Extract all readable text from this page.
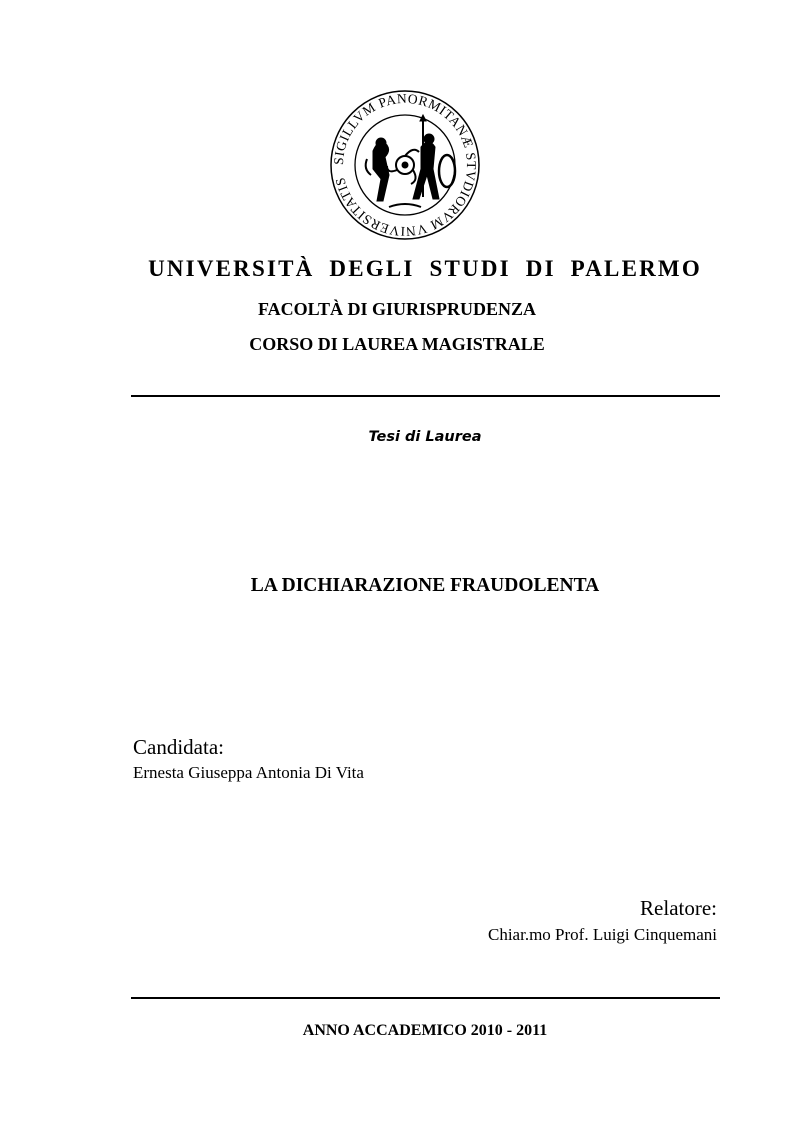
SIGILLVM PANORMITANÆ STVDIORVM VNIVERSITATIS
UNIVERSITÀ DEGLI STUDI DI PALERMO
FACOLTÀ DI GIURISPRUDENZA
CORSO DI LAUREA MAGISTRALE
Tesi di Laurea
LA DICHIARAZIONE FRAUDOLENTA
Candidata:
Ernesta Giuseppa Antonia Di Vita
Relatore:
Chiar.mo Prof. Luigi Cinquemani
ANNO ACCADEMICO 2010 - 2011
